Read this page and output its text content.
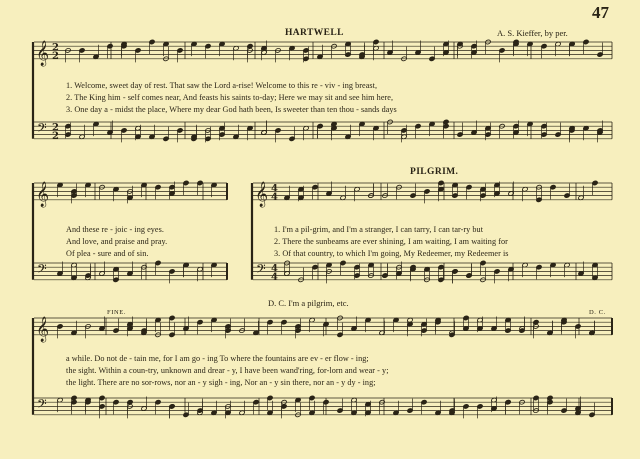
𝄞
𝄢
2
2
2
2
𝄞
𝄢
𝄞
𝄢
4
4
4
4
𝄞
𝄢
47
HARTWELL	A. S. Kieffer, by per.
1. Welcome, sweet day of rest. That saw the Lord a-rise! Welcome to this re - viv - ing breast,
2. The King him - self comes near, And feasts his saints to-day; Here we may sit and see him here,
3. One day a - midst the place, Where my dear God hath been, Is sweeter than ten thou - sands days
And these re - joic - ing eyes.
And love, and praise and pray.
Of plea - sure and of sin.
PILGRIM.
1. I'm a pil-grim, and I'm a stranger, I can tarry, I can tar-ry but
2. There the sunbeams are ever shining, I am waiting, I am waiting for
3. Of that country, to which I'm going, My Redeemer, my Redeemer is
D. C. I'm a pilgrim, etc.
FINE.	D. C.
a while. Do not de - tain me, for I am go - ing To where the fountains are ev - er flow - ing;
the sight. Within a coun-try, unknown and drear - y, I have been wand'ring, for-lorn and wear - y;
the light. There are no sor-rows, nor an - y sigh - ing, Nor an - y sin there, nor an - y dy - ing;
